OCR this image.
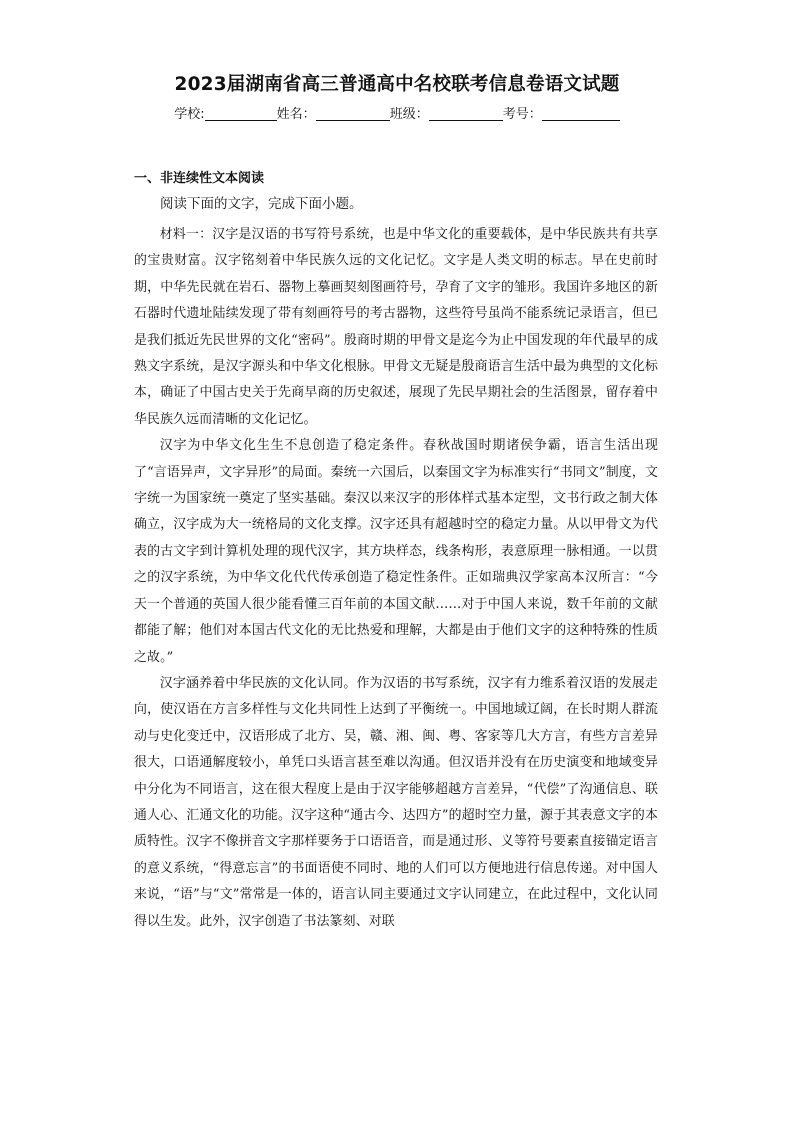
2023届湖南省高三普通高中名校联考信息卷语文试题
学校:	姓名：	班级：	考号：
一、非连续性文本阅读
阅读下面的文字，完成下面小题。

材料一：汉字是汉语的书写符号系统，也是中华文化的重要载体，是中华民族共有共享的宝贵财富。汉字铭刻着中华民族久远的文化记忆。文字是人类文明的标志。早在史前时期，中华先民就在岩石、器物上摹画契刻图画符号，孕育了文字的雏形。我国许多地区的新石器时代遗址陆续发现了带有刻画符号的考古器物，这些符号虽尚不能系统记录语言，但已是我们抵近先民世界的文化“密码”。殷商时期的甲骨文是迄今为止中国发现的年代最早的成熟文字系统，是汉字源头和中华文化根脉。甲骨文无疑是殷商语言生活中最为典型的文化标本，确证了中国古史关于先商早商的历史叙述，展现了先民早期社会的生活图景，留存着中华民族久远而清晰的文化记忆。

汉字为中华文化生生不息创造了稳定条件。春秋战国时期诸侯争霸，语言生活出现了“言语异声，文字异形”的局面。秦统一六国后，以秦国文字为标准实行“书同文”制度，文字统一为国家统一奠定了坚实基础。秦汉以来汉字的形体样式基本定型，文书行政之制大体确立，汉字成为大一统格局的文化支撑。汉字还具有超越时空的稳定力量。从以甲骨文为代表的古文字到计算机处理的现代汉字，其方块样态，线条构形，表意原理一脉相通。一以贯之的汉字系统，为中华文化代代传承创造了稳定性条件。正如瑞典汉学家高本汉所言：“今天一个普通的英国人很少能看懂三百年前的本国文献……对于中国人来说，数千年前的文献都能了解；他们对本国古代文化的无比热爱和理解，大都是由于他们文字的这种特殊的性质之故。”

汉字涵养着中华民族的文化认同。作为汉语的书写系统，汉字有力维系着汉语的发展走向，使汉语在方言多样性与文化共同性上达到了平衡统一。中国地域辽阔，在长时期人群流动与史化变迁中，汉语形成了北方、吴，赣、湘、闽、粤、客家等几大方言，有些方言差异很大，口语通解度较小，单凭口头语言甚至难以沟通。但汉语并没有在历史演变和地域变异中分化为不同语言，这在很大程度上是由于汉字能够超越方言差异，“代偿”了沟通信息、联通人心、汇通文化的功能。汉字这种“通古今、达四方”的超时空力量，源于其表意文字的本质特性。汉字不像拼音文字那样要务于口语语音，而是通过形、义等符号要素直接锚定语言的意义系统，“得意忘言”的书面语使不同时、地的人们可以方便地进行信息传递。对中国人来说，“语”与“文”常常是一体的，语言认同主要通过文字认同建立，在此过程中，文化认同得以生发。此外，汉字创造了书法篆刻、对联
